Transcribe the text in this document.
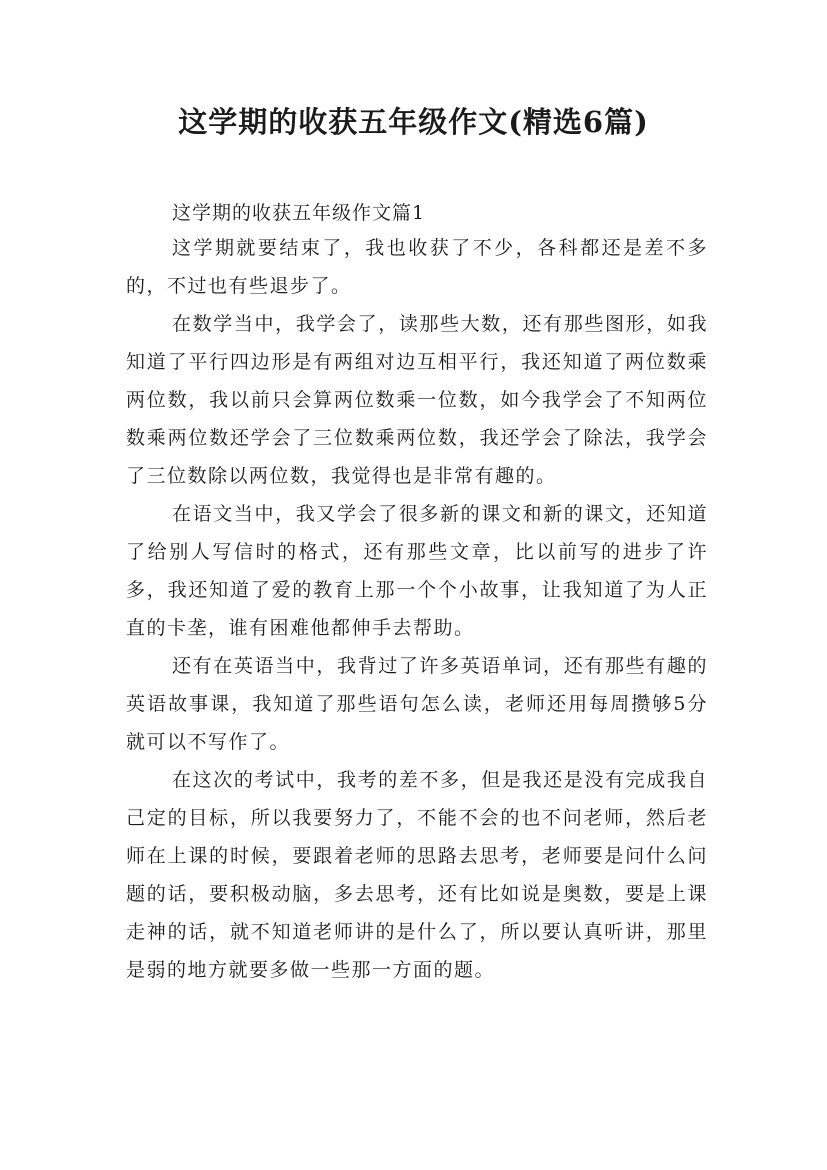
这学期的收获五年级作文(精选6篇)
这学期的收获五年级作文篇1

这学期就要结束了，我也收获了不少，各科都还是差不多的，不过也有些退步了。

在数学当中，我学会了，读那些大数，还有那些图形，如我知道了平行四边形是有两组对边互相平行，我还知道了两位数乘两位数，我以前只会算两位数乘一位数，如今我学会了不知两位数乘两位数还学会了三位数乘两位数，我还学会了除法，我学会了三位数除以两位数，我觉得也是非常有趣的。

在语文当中，我又学会了很多新的课文和新的课文，还知道了给别人写信时的格式，还有那些文章，比以前写的进步了许多，我还知道了爱的教育上那一个个小故事，让我知道了为人正直的卡垄，谁有困难他都伸手去帮助。

还有在英语当中，我背过了许多英语单词，还有那些有趣的英语故事课，我知道了那些语句怎么读，老师还用每周攒够5分就可以不写作了。

在这次的考试中，我考的差不多，但是我还是没有完成我自己定的目标，所以我要努力了，不能不会的也不问老师，然后老师在上课的时候，要跟着老师的思路去思考，老师要是问什么问题的话，要积极动脑，多去思考，还有比如说是奥数，要是上课走神的话，就不知道老师讲的是什么了，所以要认真听讲，那里是弱的地方就要多做一些那一方面的题。
